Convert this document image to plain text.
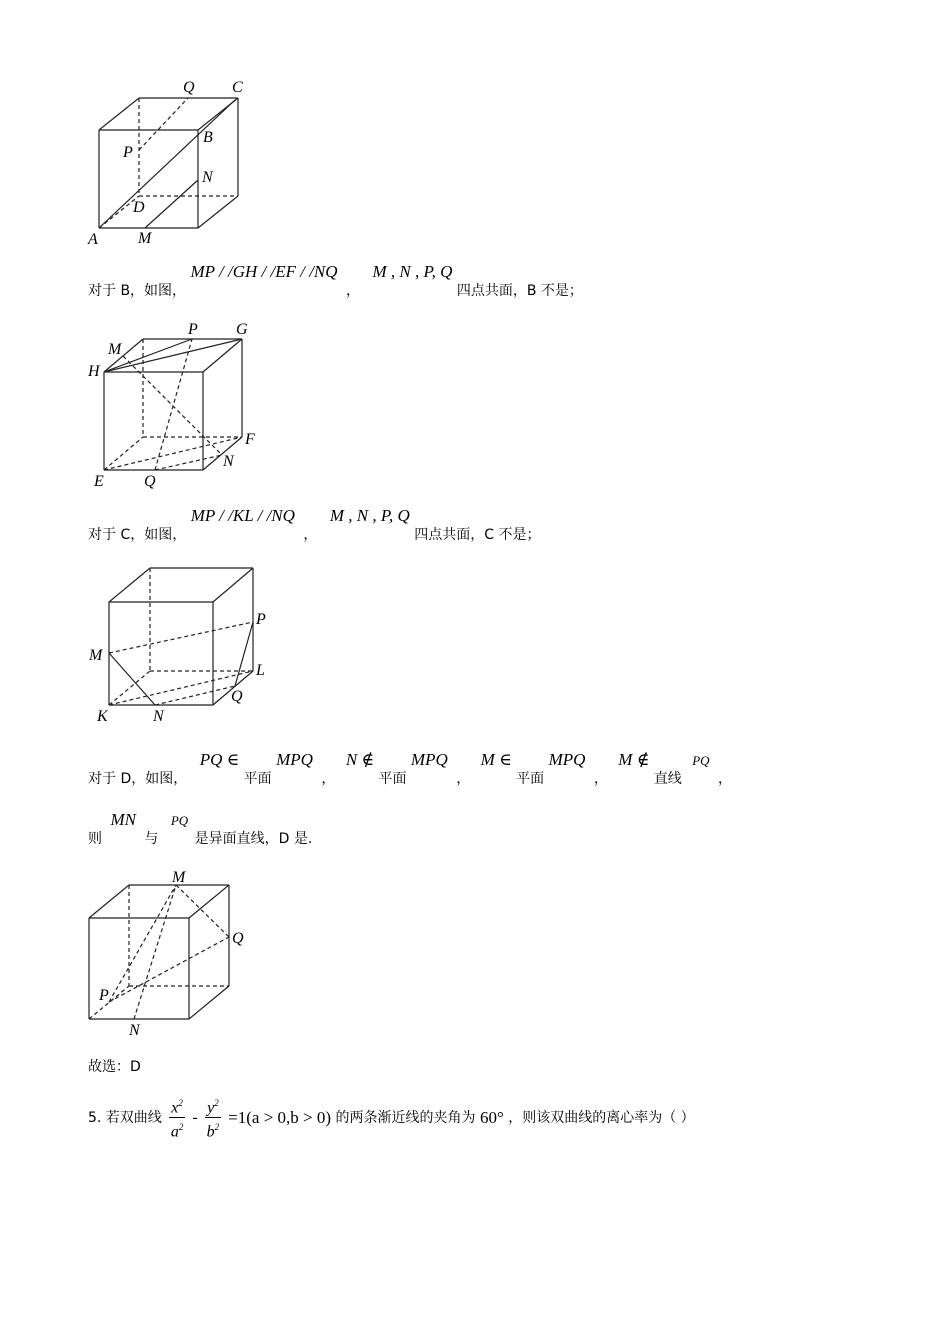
Q C
B
P
N
D
A	M
对于 B，如图， MP / /GH / /EF / /NQ ， M , N , P, Q 四点共面，B 不是；
P G
M
H
F
N
E	Q
对于 C，如图， MP / /KL / /NQ ， M , N , P, Q 四点共面，C 不是；
P
M
L
Q
K	N
对于 D，如图， PQ ∈ 平面 MPQ ， N ∉ 平面 MPQ ， M ∈ 平面 MPQ ， M ∉ 直线 PQ ，
则 MN 与 PQ 是异面直线，D 是.
M
Q
P
N
故选：D
5. 若双曲线 $\frac{x^2}{a^2} - \frac{y^2}{b^2} =1(a > 0,b > 0)$ 的两条渐近线的夹角为 60° ，则该双曲线的离心率为（ ）
